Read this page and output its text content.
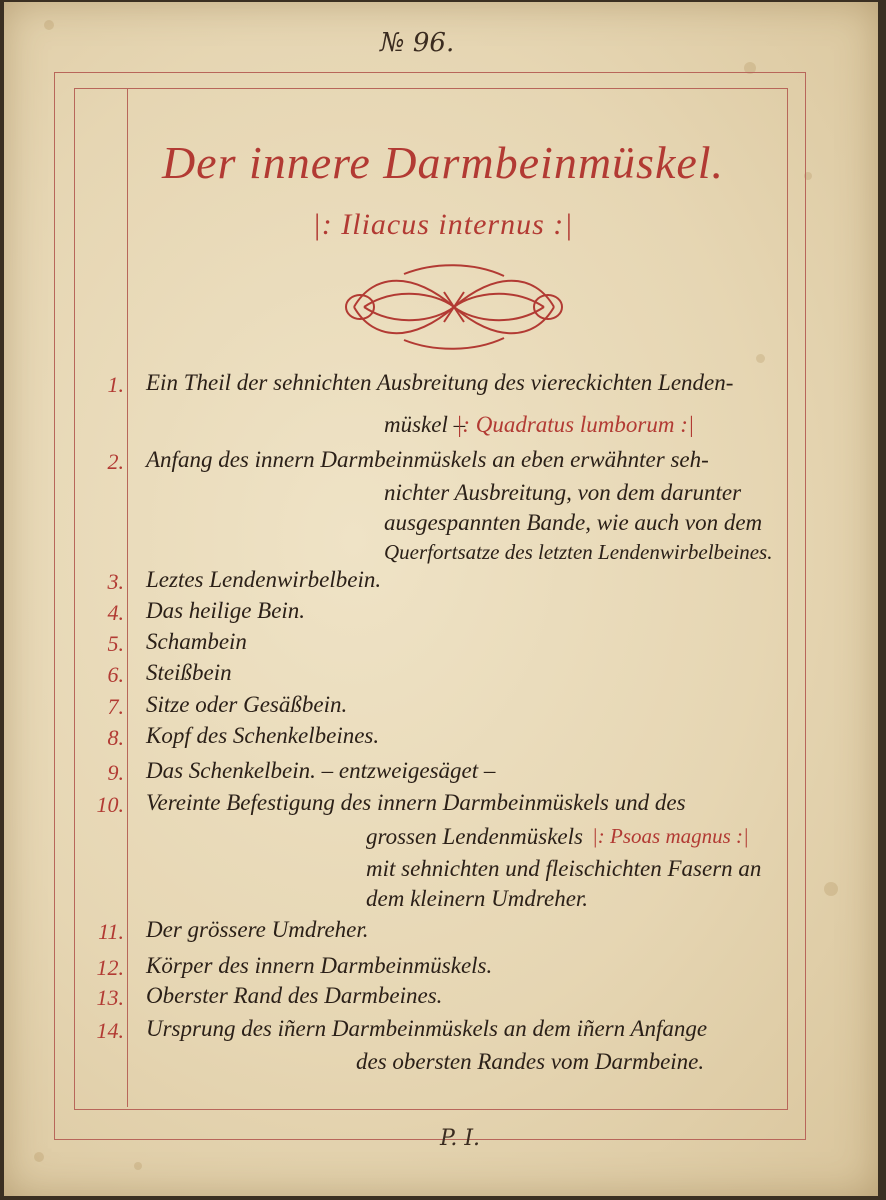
№ 96.
Der innere Darmbeinmüskel.
|: Iliacus internus :|
1. Ein Theil der sehnichten Ausbreitung des viereckichten Lenden-
müskel –
|: Quadratus lumborum :|
2. Anfang des innern Darmbeinmüskels an eben erwähnter seh-
nichter Ausbreitung, von dem darunter
ausgespannten Bande, wie auch von dem
Querfortsatze des letzten Lendenwirbelbeines.
3. Leztes Lendenwirbelbein.
4. Das heilige Bein.
5. Schambein
6. Steißbein
7. Sitze oder Gesäßbein.
8. Kopf des Schenkelbeines.
9. Das Schenkelbein. – entzweigesäget –
10. Vereinte Befestigung des innern Darmbeinmüskels und des
grossen Lendenmüskels |: Psoas magnus :|
mit sehnichten und fleischichten Fasern an
dem kleinern Umdreher.
11. Der grössere Umdreher.
12. Körper des innern Darmbeinmüskels.
13. Oberster Rand des Darmbeines.
14. Ursprung des iñern Darmbeinmüskels an dem iñern Anfange
des obersten Randes vom Darmbeine.
P. I.
